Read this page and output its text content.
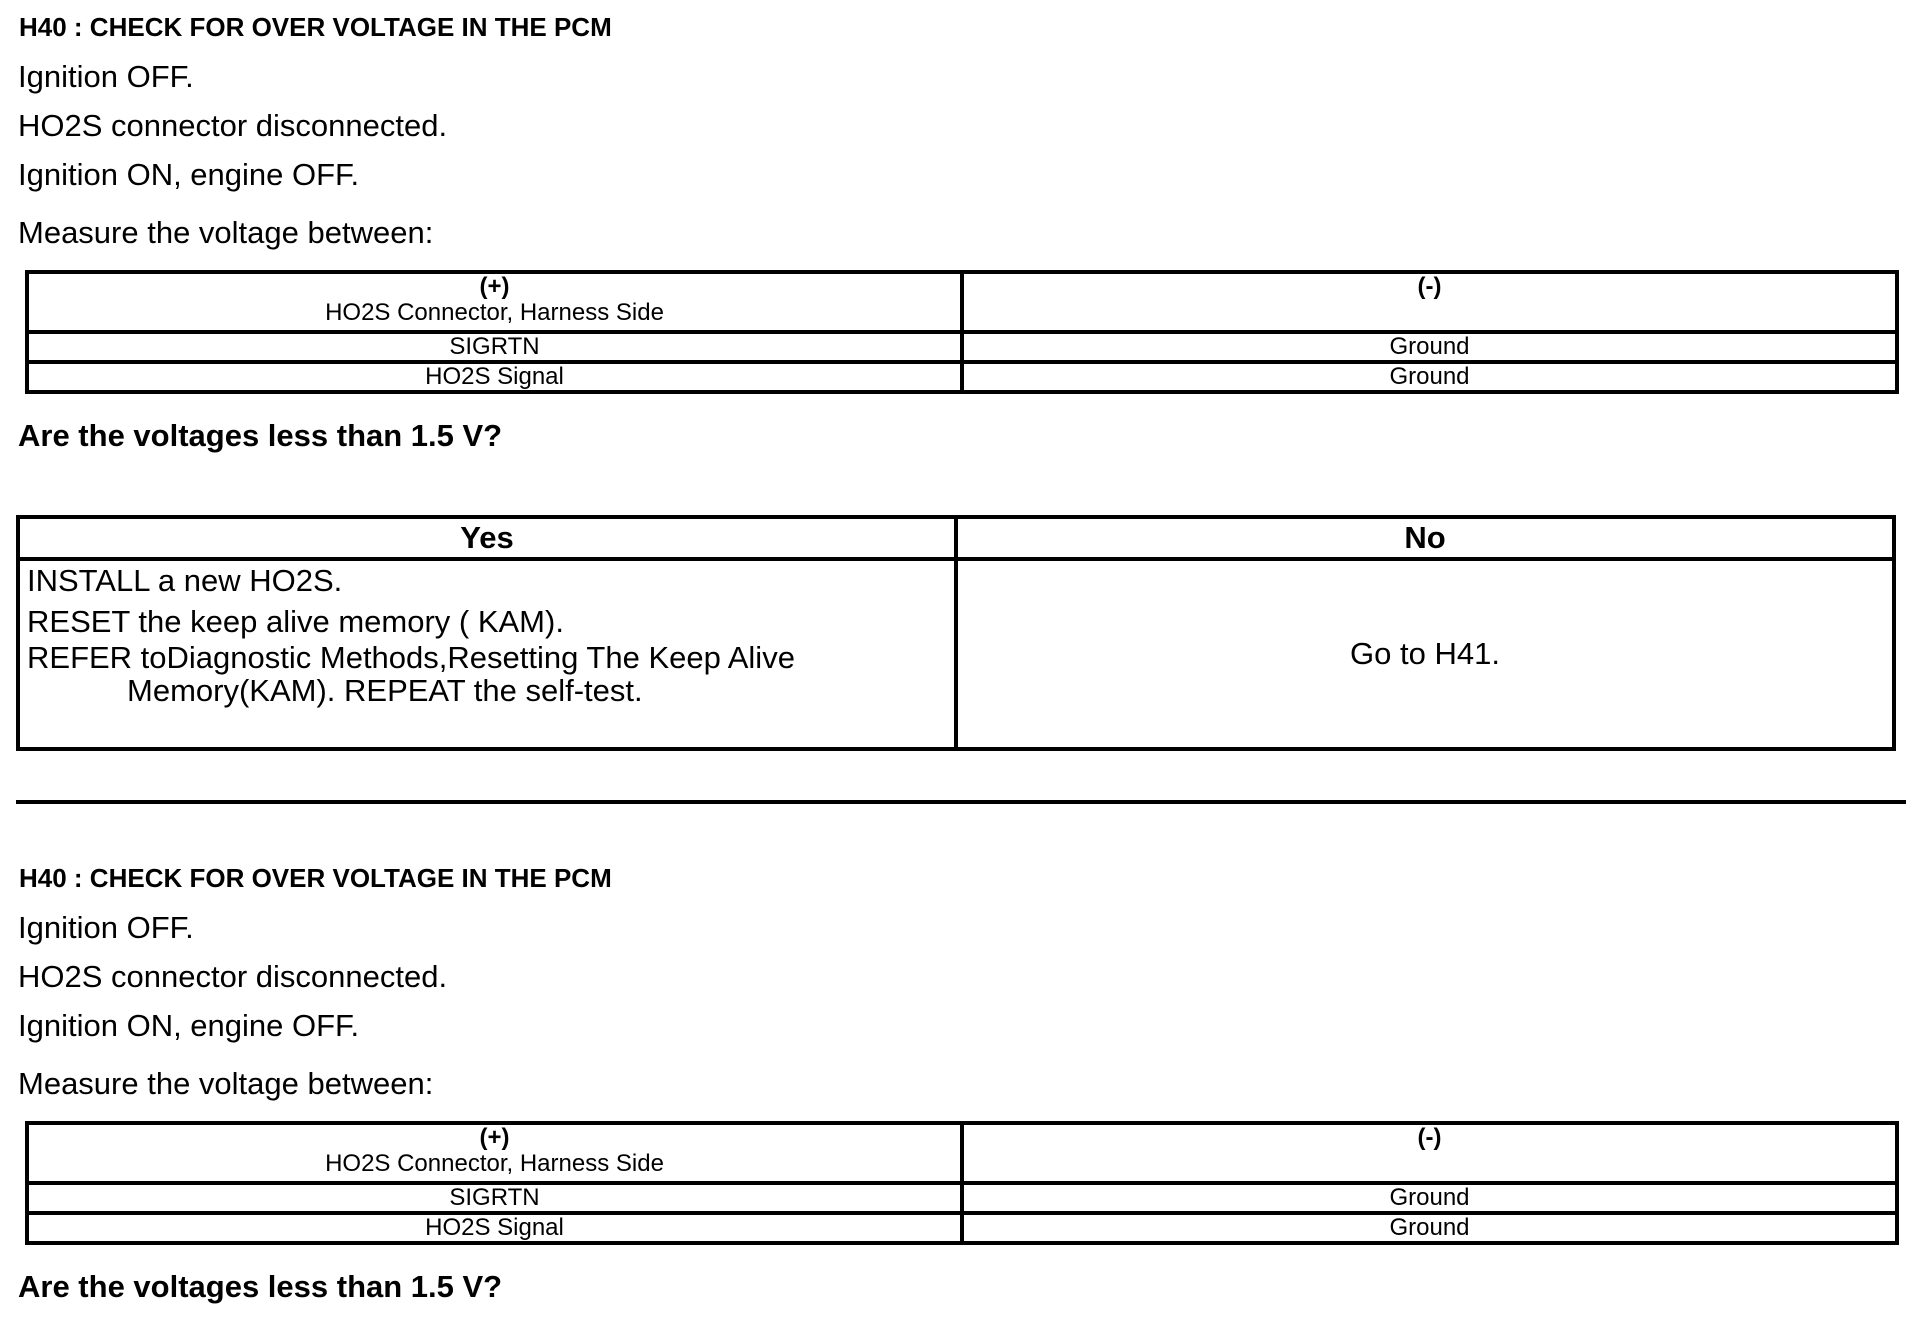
H40 : CHECK FOR OVER VOLTAGE IN THE PCM
Ignition OFF.
HO2S connector disconnected.
Ignition ON, engine OFF.
Measure the voltage between:
(+)
HO2S Connector, Harness Side	(-)

SIGRTN	Ground
HO2S Signal	Ground
Are the voltages less than 1.5 V?
Yes	No

INSTALL a new HO2S.
RESET the keep alive memory ( KAM).
REFER toDiagnostic Methods,Resetting The Keep Alive
Memory(KAM). REPEAT the self-test.	Go to H41.
H40 : CHECK FOR OVER VOLTAGE IN THE PCM
Ignition OFF.
HO2S connector disconnected.
Ignition ON, engine OFF.
Measure the voltage between:
(+)
HO2S Connector, Harness Side	(-)

SIGRTN	Ground
HO2S Signal	Ground
Are the voltages less than 1.5 V?
